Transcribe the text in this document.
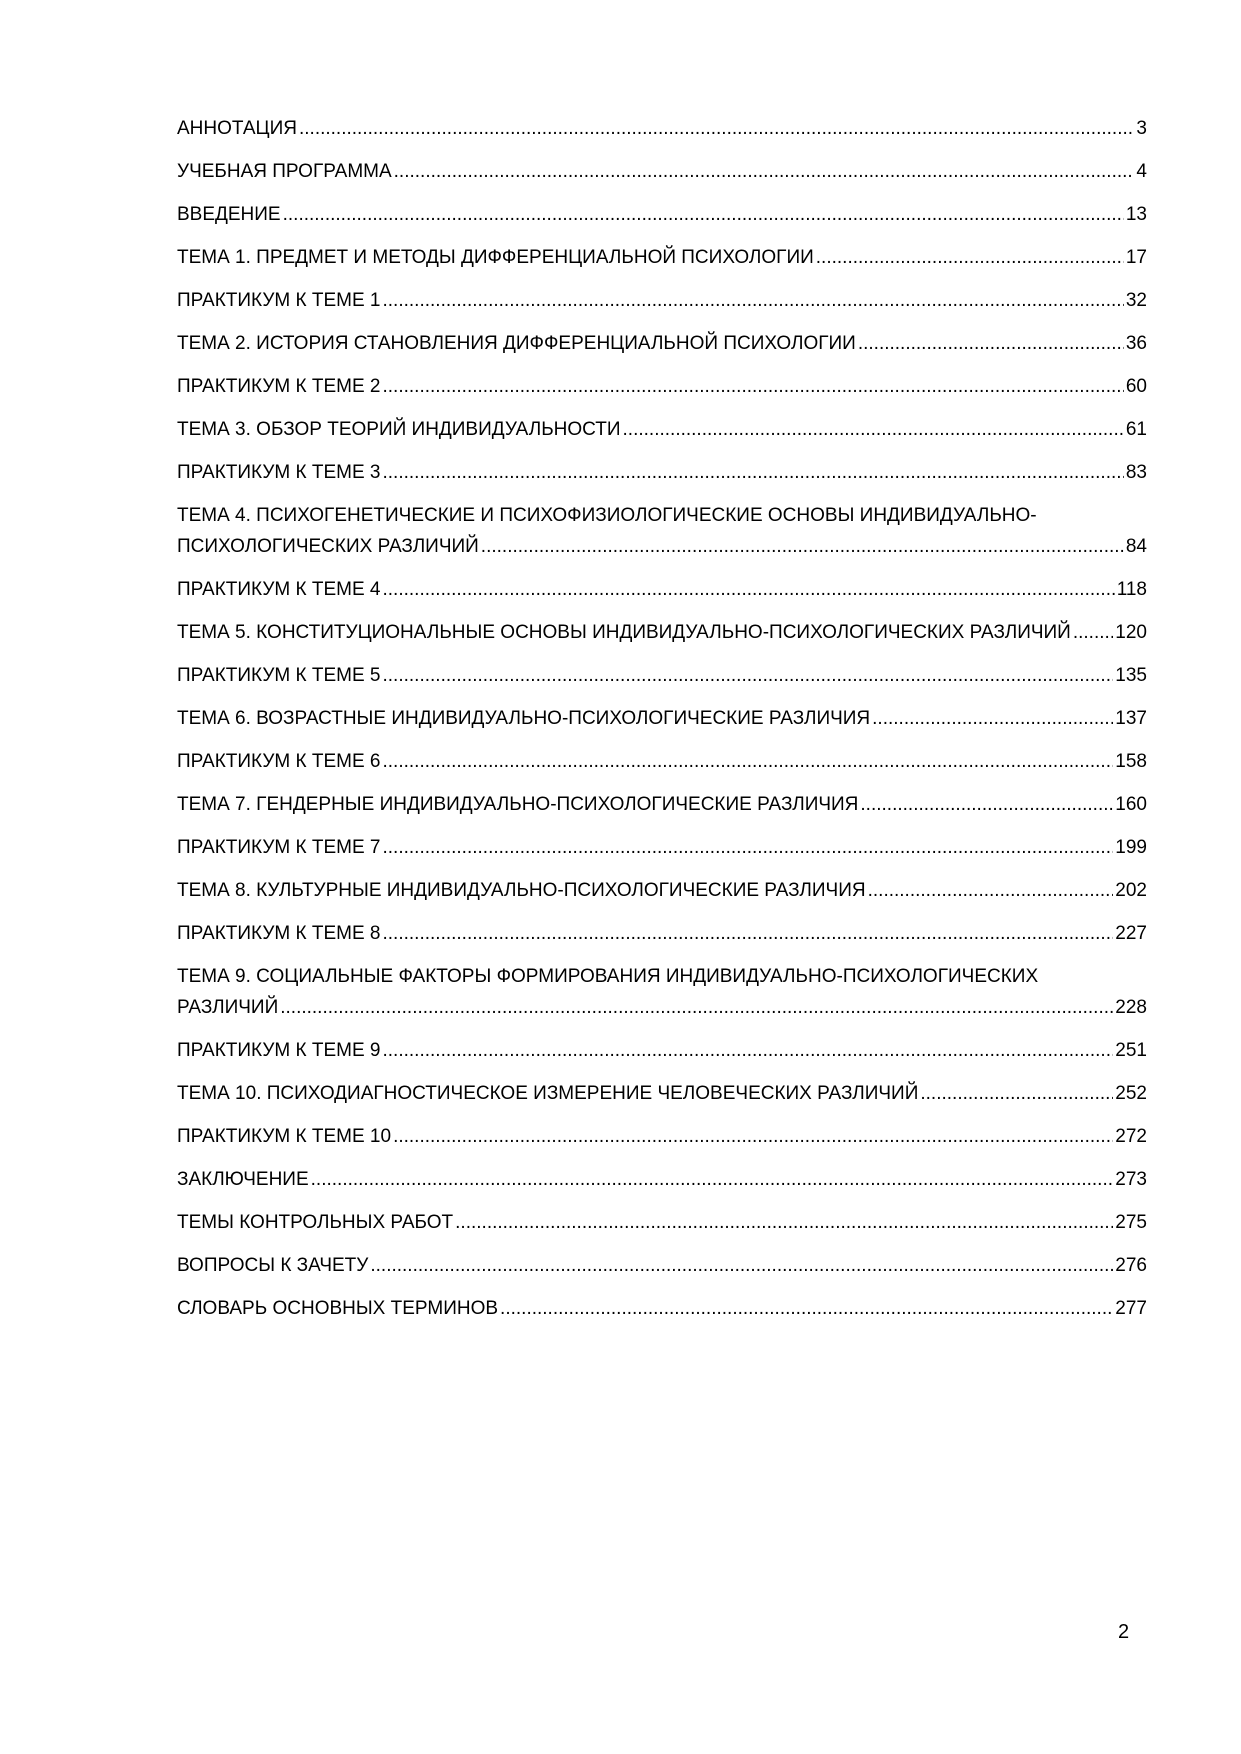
АННОТАЦИЯ .....	3
УЧЕБНАЯ ПРОГРАММА .....	4
ВВЕДЕНИЕ .....	13
ТЕМА 1. ПРЕДМЕТ И МЕТОДЫ ДИФФЕРЕНЦИАЛЬНОЙ ПСИХОЛОГИИ .....	17
ПРАКТИКУМ К ТЕМЕ 1 .....	32
ТЕМА 2. ИСТОРИЯ СТАНОВЛЕНИЯ ДИФФЕРЕНЦИАЛЬНОЙ ПСИХОЛОГИИ .....	36
ПРАКТИКУМ К ТЕМЕ 2 .....	60
ТЕМА 3. ОБЗОР ТЕОРИЙ ИНДИВИДУАЛЬНОСТИ .....	61
ПРАКТИКУМ К ТЕМЕ 3 .....	83
ТЕМА 4. ПСИХОГЕНЕТИЧЕСКИЕ И ПСИХОФИЗИОЛОГИЧЕСКИЕ ОСНОВЫ ИНДИВИДУАЛЬНО-
ПСИХОЛОГИЧЕСКИХ РАЗЛИЧИЙ .....	84
ПРАКТИКУМ К ТЕМЕ 4 .....	118
ТЕМА 5. КОНСТИТУЦИОНАЛЬНЫЕ ОСНОВЫ ИНДИВИДУАЛЬНО-ПСИХОЛОГИЧЕСКИХ РАЗЛИЧИЙ ..... 120
ПРАКТИКУМ К ТЕМЕ 5 .....	135
ТЕМА 6. ВОЗРАСТНЫЕ ИНДИВИДУАЛЬНО-ПСИХОЛОГИЧЕСКИЕ РАЗЛИЧИЯ .....	137
ПРАКТИКУМ К ТЕМЕ 6 .....	158
ТЕМА 7. ГЕНДЕРНЫЕ ИНДИВИДУАЛЬНО-ПСИХОЛОГИЧЕСКИЕ РАЗЛИЧИЯ .....	160
ПРАКТИКУМ К ТЕМЕ 7 .....	199
ТЕМА 8. КУЛЬТУРНЫЕ ИНДИВИДУАЛЬНО-ПСИХОЛОГИЧЕСКИЕ РАЗЛИЧИЯ .....	202
ПРАКТИКУМ К ТЕМЕ 8 .....	227
ТЕМА 9. СОЦИАЛЬНЫЕ ФАКТОРЫ ФОРМИРОВАНИЯ ИНДИВИДУАЛЬНО-ПСИХОЛОГИЧЕСКИХ
РАЗЛИЧИЙ .....	228
ПРАКТИКУМ К ТЕМЕ 9 .....	251
ТЕМА 10. ПСИХОДИАГНОСТИЧЕСКОЕ ИЗМЕРЕНИЕ ЧЕЛОВЕЧЕСКИХ РАЗЛИЧИЙ .....	252
ПРАКТИКУМ К ТЕМЕ 10 .....	272
ЗАКЛЮЧЕНИЕ .....	273
ТЕМЫ КОНТРОЛЬНЫХ РАБОТ .....	275
ВОПРОСЫ К ЗАЧЕТУ .....	276
СЛОВАРЬ ОСНОВНЫХ ТЕРМИНОВ .....	277
2
